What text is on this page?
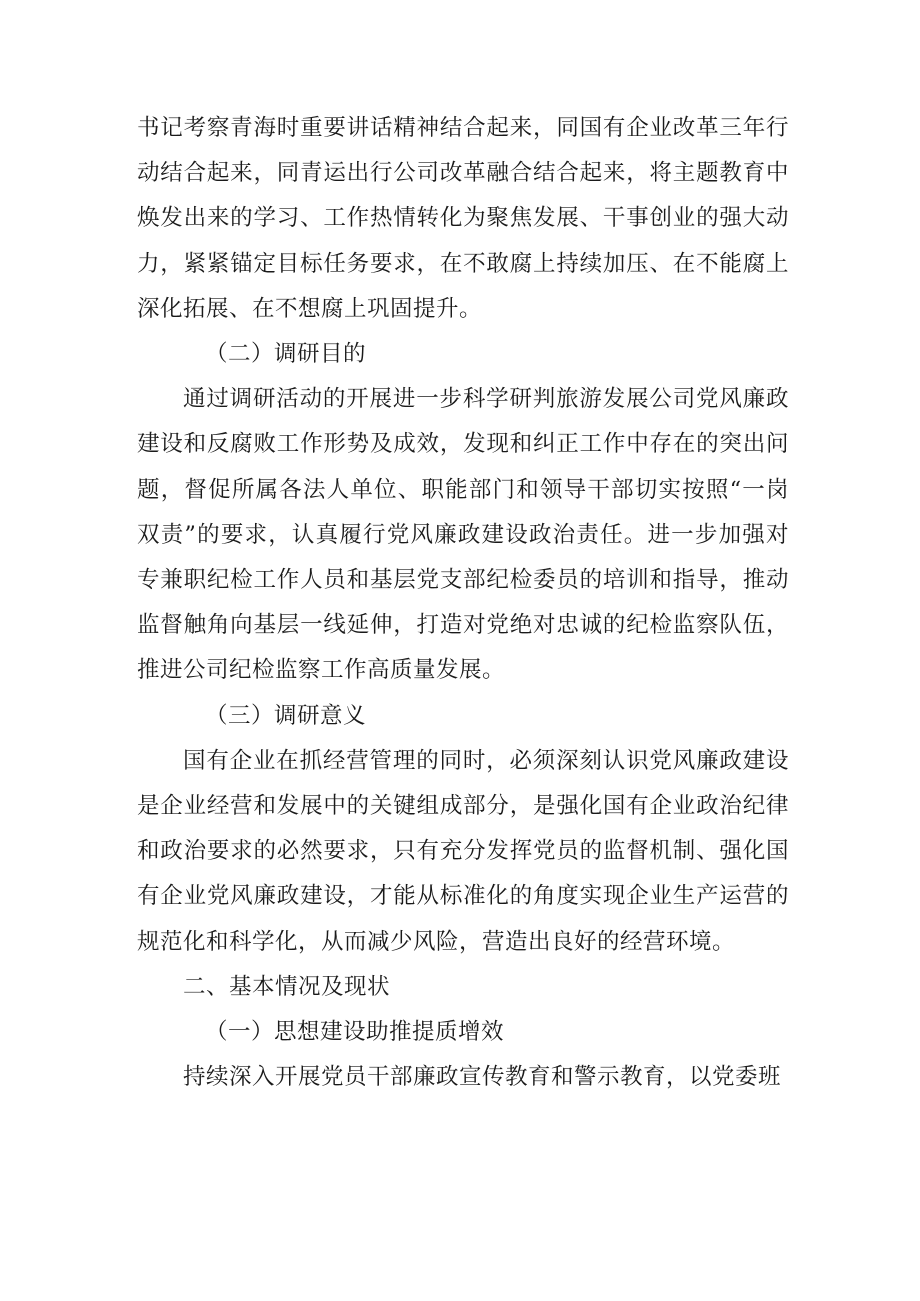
书记考察青海时重要讲话精神结合起来，同国有企业改革三年行动结合起来，同青运出行公司改革融合结合起来，将主题教育中焕发出来的学习、工作热情转化为聚焦发展、干事创业的强大动力，紧紧锚定目标任务要求，在不敢腐上持续加压、在不能腐上深化拓展、在不想腐上巩固提升。

（二）调研目的

通过调研活动的开展进一步科学研判旅游发展公司党风廉政建设和反腐败工作形势及成效，发现和纠正工作中存在的突出问题，督促所属各法人单位、职能部门和领导干部切实按照“一岗双责”的要求，认真履行党风廉政建设政治责任。进一步加强对专兼职纪检工作人员和基层党支部纪检委员的培训和指导，推动监督触角向基层一线延伸，打造对党绝对忠诚的纪检监察队伍，推进公司纪检监察工作高质量发展。

（三）调研意义

国有企业在抓经营管理的同时，必须深刻认识党风廉政建设是企业经营和发展中的关键组成部分，是强化国有企业政治纪律和政治要求的必然要求，只有充分发挥党员的监督机制、强化国有企业党风廉政建设，才能从标准化的角度实现企业生产运营的规范化和科学化，从而减少风险，营造出良好的经营环境。

二、基本情况及现状

（一）思想建设助推提质增效

持续深入开展党员干部廉政宣传教育和警示教育，以党委班
